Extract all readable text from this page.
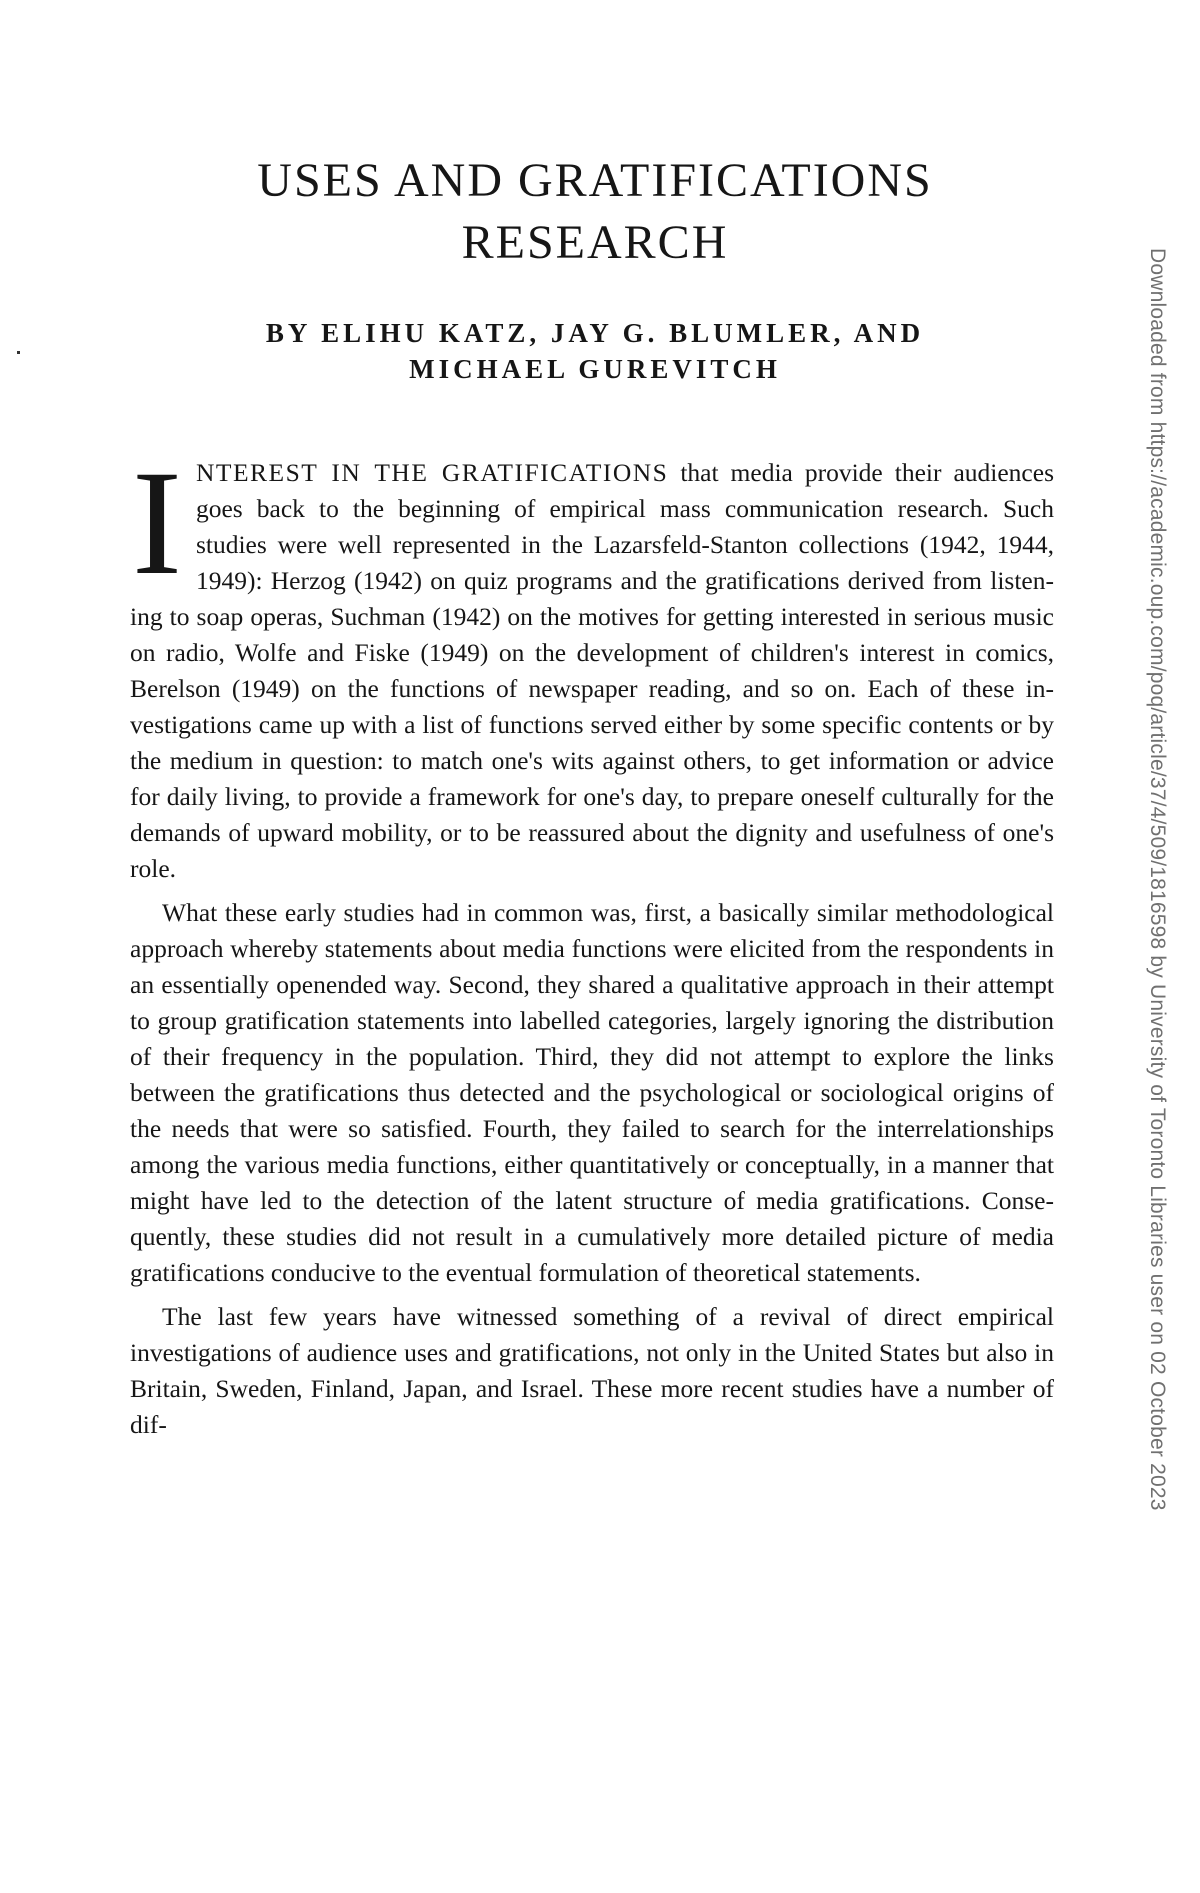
USES AND GRATIFICATIONS
RESEARCH
BY ELIHU KATZ, JAY G. BLUMLER, AND
MICHAEL GUREVITCH

INTEREST IN THE GRATIFICATIONS that media provide their audiences goes back to the beginning of empirical mass communication research. Such studies were well represented in the Lazarsfeld-Stanton collections (1942, 1944, 1949): Herzog (1942) on quiz programs and the gratifications derived from listening to soap operas, Suchman (1942) on the motives for getting interested in serious music on radio, Wolfe and Fiske (1949) on the development of children's interest in comics, Berelson (1949) on the functions of newspaper reading, and so on. Each of these investigations came up with a list of functions served either by some specific contents or by the medium in question: to match one's wits against others, to get information or advice for daily living, to provide a framework for one's day, to prepare oneself culturally for the demands of upward mobility, or to be reassured about the dignity and usefulness of one's role.

What these early studies had in common was, first, a basically similar methodological approach whereby statements about media functions were elicited from the respondents in an essentially openended way. Second, they shared a qualitative approach in their attempt to group gratification statements into labelled categories, largely ignoring the distribution of their frequency in the population. Third, they did not attempt to explore the links between the gratifications thus detected and the psychological or sociological origins of the needs that were so satisfied. Fourth, they failed to search for the interrelationships among the various media functions, either quantitatively or conceptually, in a manner that might have led to the detection of the latent structure of media gratifications. Consequently, these studies did not result in a cumulatively more detailed picture of media gratifications conducive to the eventual formulation of theoretical statements.

The last few years have witnessed something of a revival of direct empirical investigations of audience uses and gratifications, not only in the United States but also in Britain, Sweden, Finland, Japan, and Israel. These more recent studies have a number of dif-	Downloaded from https://academic.oup.com/poq/article/37/4/509/1816598 by University of Toronto Libraries user on 02 October 2023
